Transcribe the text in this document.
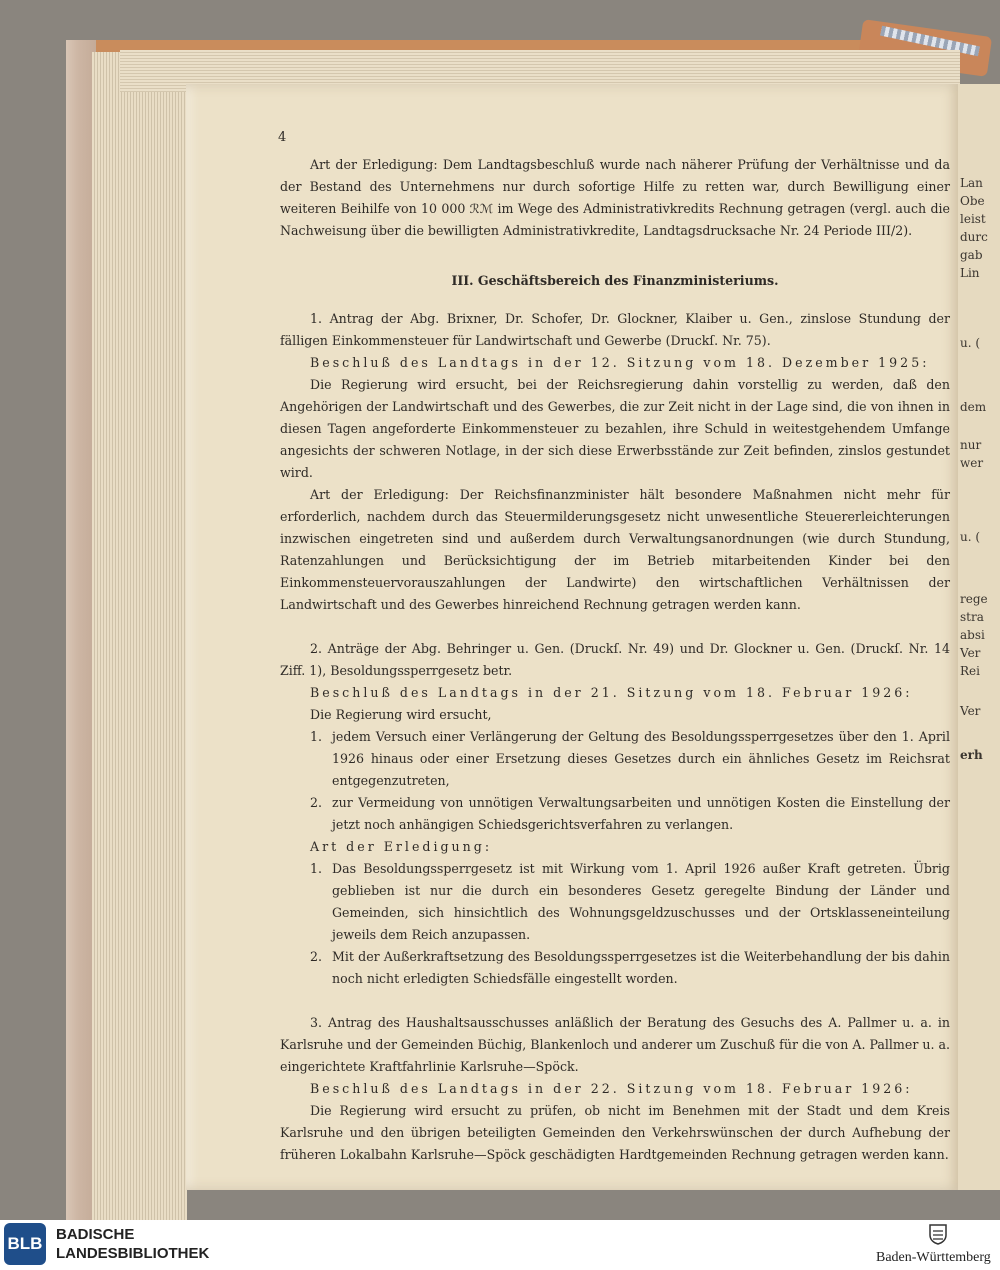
Lan
Obe
leist
durc
gab
Lin
u. (
dem
nur
wer
u. (
rege
stra
absi
Ver
Rei
Ver
erh
4

Art der Erledigung: Dem Landtagsbeschluß wurde nach näherer Prüfung der Verhältnisse und da der Bestand des Unternehmens nur durch sofortige Hilfe zu retten war, durch Bewilligung einer weiteren Beihilfe von 10 000 ℛℳ im Wege des Administrativkredits Rechnung getragen (vergl. auch die Nachweisung über die bewilligten Administrativkredite, Landtagsdrucksache Nr. 24 Periode III/2).

III. Geschäftsbereich des Finanzministeriums.

1. Antrag der Abg. Brixner, Dr. Schofer, Dr. Glockner, Klaiber u. Gen., zinslose Stundung der fälligen Einkommensteuer für Landwirtschaft und Gewerbe (Druckſ. Nr. 75).

Beschluß des Landtags in der 12. Sitzung vom 18. Dezember 1925:

Die Regierung wird ersucht, bei der Reichsregierung dahin vorstellig zu werden, daß den Angehörigen der Landwirtschaft und des Gewerbes, die zur Zeit nicht in der Lage sind, die von ihnen in diesen Tagen angeforderte Einkommensteuer zu bezahlen, ihre Schuld in weitestgehendem Umfange angesichts der schweren Notlage, in der sich diese Erwerbsstände zur Zeit befinden, zinslos gestundet wird.

Art der Erledigung: Der Reichsfinanzminister hält besondere Maßnahmen nicht mehr für erforderlich, nachdem durch das Steuermilderungsgesetz nicht unwesentliche Steuererleichterungen inzwischen eingetreten sind und außerdem durch Verwaltungsanordnungen (wie durch Stundung, Ratenzahlungen und Berücksichtigung der im Betrieb mitarbeitenden Kinder bei den Einkommensteuervorauszahlungen der Landwirte) den wirtschaftlichen Verhältnissen der Landwirtschaft und des Gewerbes hinreichend Rechnung getragen werden kann.

2. Anträge der Abg. Behringer u. Gen. (Druckſ. Nr. 49) und Dr. Glockner u. Gen. (Druckſ. Nr. 14 Ziff. 1), Besoldungssperrgesetz betr.

Beschluß des Landtags in der 21. Sitzung vom 18. Februar 1926:

Die Regierung wird ersucht,

1. jedem Versuch einer Verlängerung der Geltung des Besoldungssperrgesetzes über den 1. April 1926 hinaus oder einer Ersetzung dieses Gesetzes durch ein ähnliches Gesetz im Reichsrat entgegenzutreten,
2. zur Vermeidung von unnötigen Verwaltungsarbeiten und unnötigen Kosten die Einstellung der jetzt noch anhängigen Schiedsgerichtsverfahren zu verlangen.

Art der Erledigung:

1. Das Besoldungssperrgesetz ist mit Wirkung vom 1. April 1926 außer Kraft getreten. Übrig geblieben ist nur die durch ein besonderes Gesetz geregelte Bindung der Länder und Gemeinden, sich hinsichtlich des Wohnungsgeldzuschusses und der Ortsklasseneinteilung jeweils dem Reich anzupassen.
2. Mit der Außerkraftsetzung des Besoldungssperrgesetzes ist die Weiterbehandlung der bis dahin noch nicht erledigten Schiedsfälle eingestellt worden.

3. Antrag des Haushaltsausschusses anläßlich der Beratung des Gesuchs des A. Pallmer u. a. in Karlsruhe und der Gemeinden Büchig, Blankenloch und anderer um Zuschuß für die von A. Pallmer u. a. eingerichtete Kraftfahrlinie Karlsruhe—Spöck.

Beschluß des Landtags in der 22. Sitzung vom 18. Februar 1926:

Die Regierung wird ersucht zu prüfen, ob nicht im Benehmen mit der Stadt und dem Kreis Karlsruhe und den übrigen beteiligten Gemeinden den Verkehrswünschen der durch Aufhebung der früheren Lokalbahn Karlsruhe—Spöck geschädigten Hardtgemeinden Rechnung getragen werden kann.

BLB BADISCHE
LANDESBIBLIOTHEK	Baden-Württemberg
